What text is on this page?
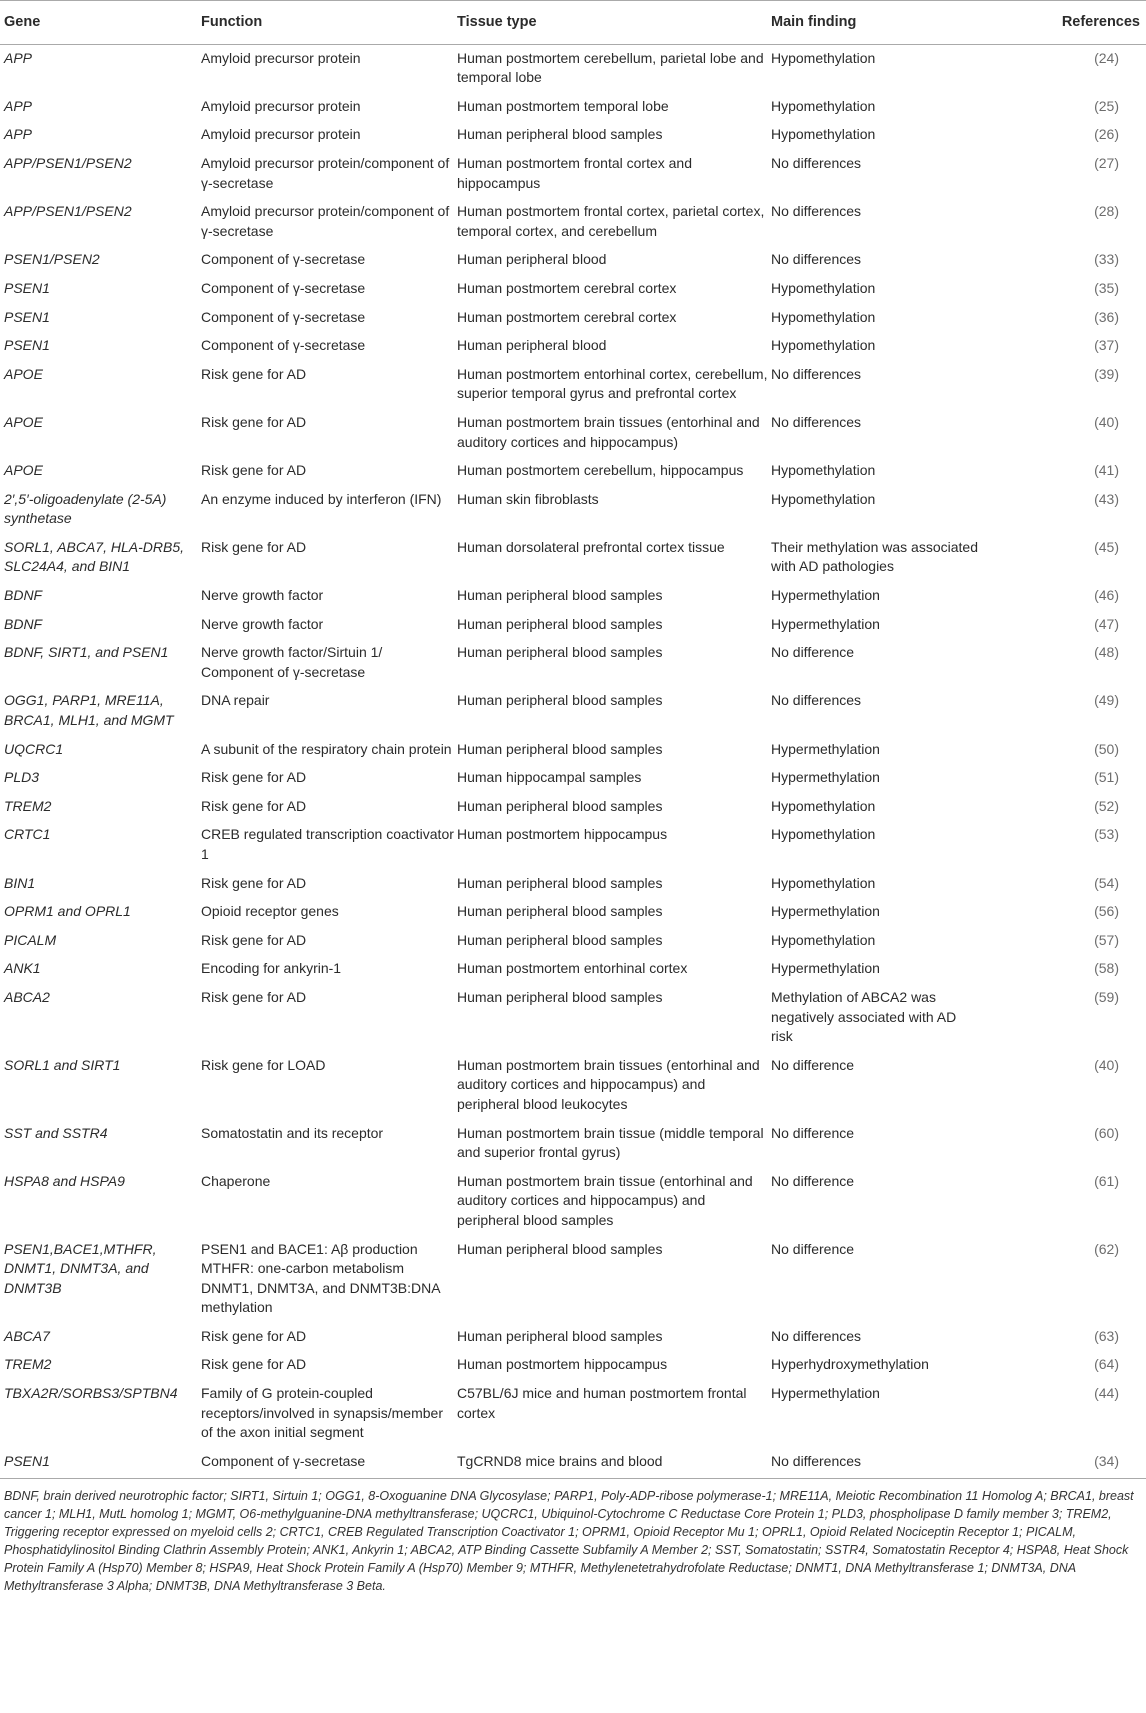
Gene	Function	Tissue type	Main finding	References
APP	Amyloid precursor protein	Human postmortem cerebellum, parietal lobe and temporal lobe	Hypomethylation	(24)
APP	Amyloid precursor protein	Human postmortem temporal lobe	Hypomethylation	(25)
APP	Amyloid precursor protein	Human peripheral blood samples	Hypomethylation	(26)
APP/PSEN1/PSEN2	Amyloid precursor protein/component of γ-secretase	Human postmortem frontal cortex and hippocampus	No differences	(27)
APP/PSEN1/PSEN2	Amyloid precursor protein/component of γ-secretase	Human postmortem frontal cortex, parietal cortex, temporal cortex, and cerebellum	No differences	(28)
PSEN1/PSEN2	Component of γ-secretase	Human peripheral blood	No differences	(33)
PSEN1	Component of γ-secretase	Human postmortem cerebral cortex	Hypomethylation	(35)
PSEN1	Component of γ-secretase	Human postmortem cerebral cortex	Hypomethylation	(36)
PSEN1	Component of γ-secretase	Human peripheral blood	Hypomethylation	(37)
APOE	Risk gene for AD	Human postmortem entorhinal cortex, cerebellum, superior temporal gyrus and prefrontal cortex	No differences	(39)
APOE	Risk gene for AD	Human postmortem brain tissues (entorhinal and auditory cortices and hippocampus)	No differences	(40)
APOE	Risk gene for AD	Human postmortem cerebellum, hippocampus	Hypomethylation	(41)
2′,5′-oligoadenylate (2-5A) synthetase	An enzyme induced by interferon (IFN)	Human skin fibroblasts	Hypomethylation	(43)
SORL1, ABCA7, HLA-DRB5, SLC24A4, and BIN1	Risk gene for AD	Human dorsolateral prefrontal cortex tissue	Their methylation was associated with AD pathologies	(45)
BDNF	Nerve growth factor	Human peripheral blood samples	Hypermethylation	(46)
BDNF	Nerve growth factor	Human peripheral blood samples	Hypermethylation	(47)
BDNF, SIRT1, and PSEN1	Nerve growth factor/Sirtuin 1/ Component of γ-secretase	Human peripheral blood samples	No difference	(48)
OGG1, PARP1, MRE11A, BRCA1, MLH1, and MGMT	DNA repair	Human peripheral blood samples	No differences	(49)
UQCRC1	A subunit of the respiratory chain protein	Human peripheral blood samples	Hypermethylation	(50)
PLD3	Risk gene for AD	Human hippocampal samples	Hypermethylation	(51)
TREM2	Risk gene for AD	Human peripheral blood samples	Hypomethylation	(52)
CRTC1	CREB regulated transcription coactivator 1	Human postmortem hippocampus	Hypomethylation	(53)
BIN1	Risk gene for AD	Human peripheral blood samples	Hypomethylation	(54)
OPRM1 and OPRL1	Opioid receptor genes	Human peripheral blood samples	Hypermethylation	(56)
PICALM	Risk gene for AD	Human peripheral blood samples	Hypomethylation	(57)
ANK1	Encoding for ankyrin-1	Human postmortem entorhinal cortex	Hypermethylation	(58)
ABCA2	Risk gene for AD	Human peripheral blood samples	Methylation of ABCA2 was negatively associated with AD risk	(59)
SORL1 and SIRT1	Risk gene for LOAD	Human postmortem brain tissues (entorhinal and auditory cortices and hippocampus) and peripheral blood leukocytes	No difference	(40)
SST and SSTR4	Somatostatin and its receptor	Human postmortem brain tissue (middle temporal and superior frontal gyrus)	No difference	(60)
HSPA8 and HSPA9	Chaperone	Human postmortem brain tissue (entorhinal and auditory cortices and hippocampus) and peripheral blood samples	No difference	(61)
PSEN1,BACE1,MTHFR, DNMT1, DNMT3A, and DNMT3B	PSEN1 and BACE1: Aβ production MTHFR: one-carbon metabolism DNMT1, DNMT3A, and DNMT3B:DNA methylation	Human peripheral blood samples	No difference	(62)
ABCA7	Risk gene for AD	Human peripheral blood samples	No differences	(63)
TREM2	Risk gene for AD	Human postmortem hippocampus	Hyperhydroxymethylation	(64)
TBXA2R/SORBS3/SPTBN4	Family of G protein-coupled receptors/involved in synapsis/member of the axon initial segment	C57BL/6J mice and human postmortem frontal cortex	Hypermethylation	(44)
PSEN1	Component of γ-secretase	TgCRND8 mice brains and blood	No differences	(34)
BDNF, brain derived neurotrophic factor; SIRT1, Sirtuin 1; OGG1, 8-Oxoguanine DNA Glycosylase; PARP1, Poly-ADP-ribose polymerase-1; MRE11A, Meiotic Recombination 11 Homolog A; BRCA1, breast cancer 1; MLH1, MutL homolog 1; MGMT, O6-methylguanine-DNA methyltransferase; UQCRC1, Ubiquinol-Cytochrome C Reductase Core Protein 1; PLD3, phospholipase D family member 3; TREM2, Triggering receptor expressed on myeloid cells 2; CRTC1, CREB Regulated Transcription Coactivator 1; OPRM1, Opioid Receptor Mu 1; OPRL1, Opioid Related Nociceptin Receptor 1; PICALM, Phosphatidylinositol Binding Clathrin Assembly Protein; ANK1, Ankyrin 1; ABCA2, ATP Binding Cassette Subfamily A Member 2; SST, Somatostatin; SSTR4, Somatostatin Receptor 4; HSPA8, Heat Shock Protein Family A (Hsp70) Member 8; HSPA9, Heat Shock Protein Family A (Hsp70) Member 9; MTHFR, Methylenetetrahydrofolate Reductase; DNMT1, DNA Methyltransferase 1; DNMT3A, DNA Methyltransferase 3 Alpha; DNMT3B, DNA Methyltransferase 3 Beta.
